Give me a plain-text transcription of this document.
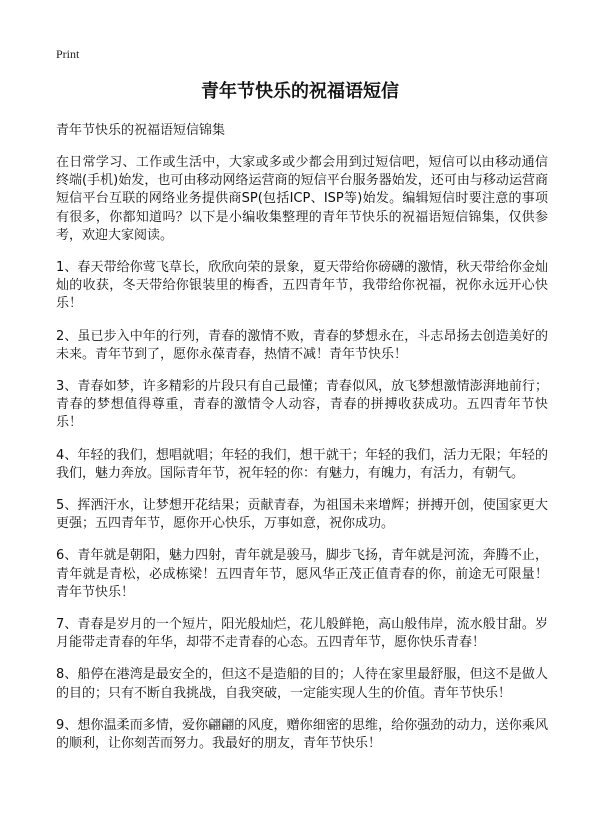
Print
青年节快乐的祝福语短信

青年节快乐的祝福语短信锦集

在日常学习、工作或生活中，大家或多或少都会用到过短信吧，短信可以由移动通信终端(手机)始发，也可由移动网络运营商的短信平台服务器始发，还可由与移动运营商短信平台互联的网络业务提供商SP(包括ICP、ISP等)始发。编辑短信时要注意的事项有很多，你都知道吗？以下是小编收集整理的青年节快乐的祝福语短信锦集，仅供参考，欢迎大家阅读。

1、春天带给你莺飞草长，欣欣向荣的景象，夏天带给你磅礴的激情，秋天带给你金灿灿的收获，冬天带给你银装里的梅香，五四青年节，我带给你祝福，祝你永远开心快乐！

2、虽已步入中年的行列，青春的激情不败，青春的梦想永在，斗志昂扬去创造美好的未来。青年节到了，愿你永葆青春，热情不减！青年节快乐！

3、青春如梦，许多精彩的片段只有自己最懂；青春似风，放飞梦想激情澎湃地前行；青春的梦想值得尊重，青春的激情令人动容，青春的拼搏收获成功。五四青年节快乐！

4、年轻的我们，想唱就唱；年轻的我们，想干就干；年轻的我们，活力无限；年轻的我们，魅力奔放。国际青年节，祝年轻的你：有魅力，有魄力，有活力，有朝气。

5、挥洒汗水，让梦想开花结果；贡献青春，为祖国未来增辉；拼搏开创，使国家更大更强；五四青年节，愿你开心快乐，万事如意，祝你成功。

6、青年就是朝阳，魅力四射，青年就是骏马，脚步飞扬，青年就是河流，奔腾不止，青年就是青松，必成栋梁！五四青年节，愿风华正茂正值青春的你，前途无可限量！青年节快乐！

7、青春是岁月的一个短片，阳光般灿烂，花儿般鲜艳，高山般伟岸，流水般甘甜。岁月能带走青春的年华，却带不走青春的心态。五四青年节，愿你快乐青春！

8、船停在港湾是最安全的，但这不是造船的目的；人待在家里最舒服，但这不是做人的目的；只有不断自我挑战，自我突破，一定能实现人生的价值。青年节快乐！

9、想你温柔而多情，爱你翩翩的风度，赠你细密的思维，给你强劲的动力，送你乘风的顺利，让你刻苦而努力。我最好的朋友，青年节快乐！
